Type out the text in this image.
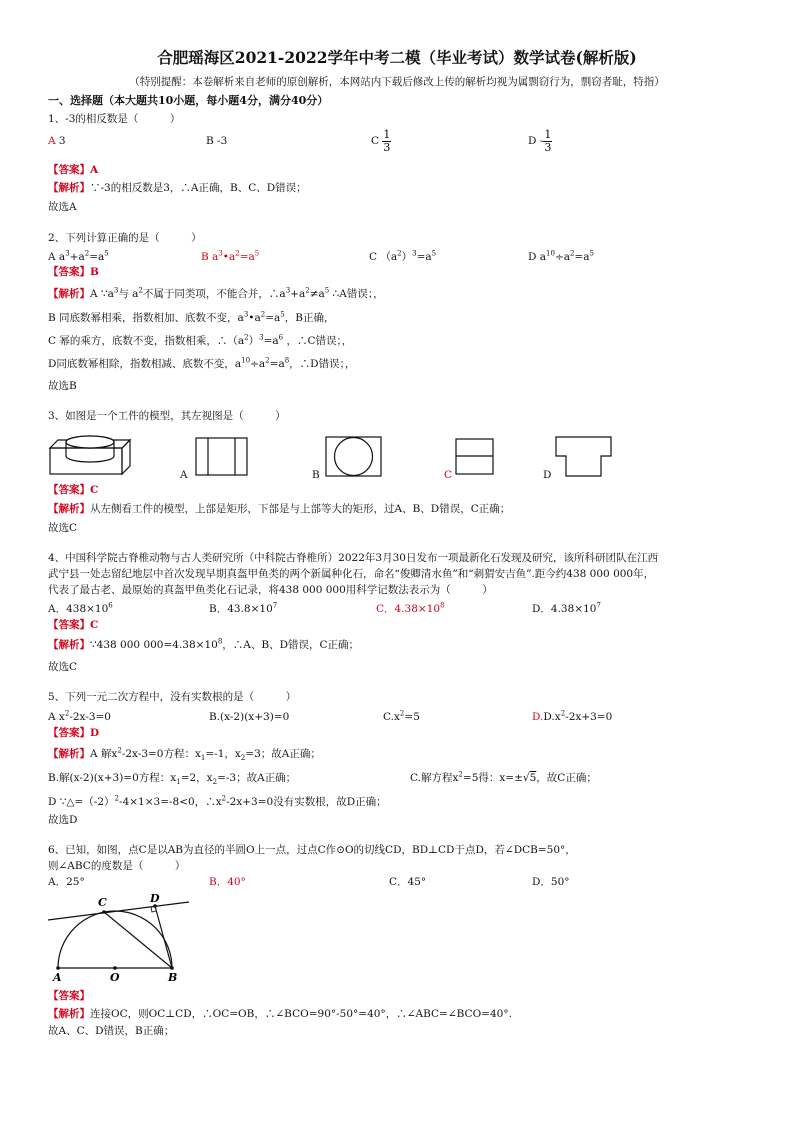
合肥瑶海区2021-2022学年中考二模（毕业考试）数学试卷(解析版)
（特别提醒：本卷解析来自老师的原创解析，本网站内下载后修改上传的解析均视为属剽窃行为，剽窃者耻，特指）
一、选择题（本大题共10小题，每小题4分，满分40分）
1、-3的相反数是（　　　）
A 3	B -3	C $\frac{1}{3}$	D - $\frac{1}{3}$
【答案】A
【解析】∵-3的相反数是3，∴A正确，B、C、D错误；
故选A
2、下列计算正确的是（　　　）
A $a^3+a^2=a^5$	B $a^3•a^2=a^5$	C $(a^2)^3=a^5$	D $a^{10}\div a^2=a^5$
【答案】B
【解析】A $\because a^3$与 $a^2$不属于同类项，不能合并，$\therefore a^3+a^2\ne a^5$ ∴A错误；，
B 同底数幂相乘，指数相加、底数不变，$a^3•a^2=a^5$，B正确，
C 幂的乘方，底数不变，指数相乘，$\therefore(a^2)^3=a^6$ ，∴C错误；，
D同底数幂相除，指数相减、底数不变，$a^{10}\div a^2=a^8$，∴D错误；，
故选B
3、如图是一个工件的模型，其左视图是（　　　）
A	B	C	D
【答案】C
【解析】从左侧看工件的模型，上部是矩形，下部是与上部等大的矩形，过A、B、D错误，C正确；
故选C
4、中国科学院古脊椎动物与古人类研究所（中科院古脊椎所）2022年3月30日发布一项最新化石发现及研究，该所科研团队在江西
武宁县一处志留纪地层中首次发现早期真盔甲鱼类的两个新属种化石，命名“俊卿清水鱼”和“刺猬安吉鱼”.距今约438 000 000年，
代表了最古老、最原始的真盔甲鱼类化石记录，将438 000 000用科学记数法表示为（　　　）
A．$438\times 10^6$	B．$43.8\times 10^7$	C．$4.38\times 10^8$	D．$4.38\times 10^7$
【答案】C
【解析】∵438 000 $000=4.38\times 10^8$，∴A、B、D错误，C正确；
故选C
5、下列一元二次方程中，没有实数根的是（　　　）
A $x^2-2x-3=0$	B.(x-2)(x+3)=0	$C.x^2=5$	$D.D.x^2-2x+3=0$
【答案】D
【解析】A 解$x^2-2x-3=0$方程：$x_1=-1$，$x_2=3$；故A正确；
B.解(x-2)(x+3)=0方程：$x_1=2$，$x_2=-3$；故A正确；	C.解方程$x^2=5$得：x=±√5，故C正确；
D $\because\triangle=(-2)^2-4\times 1\times 3=-8<0$，$\therefore x^2-2x+3=0$没有实数根，故D正确；
故选D
6、已知，如图，点C是以AB为直径的半圆O上一点，过点C作⊙O的切线CD，BD⊥CD于点D，若∠DCB=50°，
则∠ABC的度数是（　　　）
A．25°	B．40°	C．45°	D．50°
C	D
A	O	B
【答案】
【解析】连接OC，则OC⊥CD，∴OC=OB，∴∠BCO=90°-50°=40°，∴∠ABC=∠BCO=40°.
故A、C、D错误，B正确；
